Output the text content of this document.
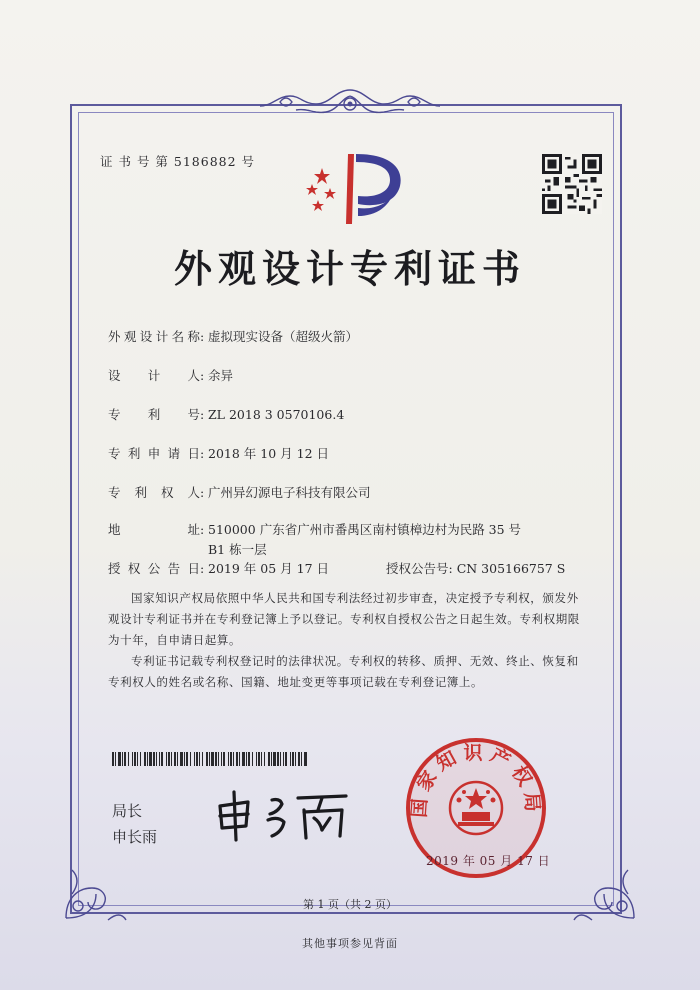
证 书 号 第 5186882 号
外观设计专利证书
外观设计名称: 虚拟现实设备（超级火箭）
设计人: 余异
专利号: ZL 2018 3 0570106.4
专利申请日: 2018 年 10 月 12 日
专利权人: 广州异幻源电子科技有限公司
地址: 510000 广东省广州市番禺区南村镇樟边村为民路 35 号 B1 栋一层
授权公告日: 2019 年 05 月 17 日	授权公告号: CN 305166757 S
国家知识产权局依照中华人民共和国专利法经过初步审查，决定授予专利权，颁发外观设计专利证书并在专利登记簿上予以登记。专利权自授权公告之日起生效。专利权期限为十年，自申请日起算。
专利证书记载专利权登记时的法律状况。专利权的转移、质押、无效、终止、恢复和专利权人的姓名或名称、国籍、地址变更等事项记载在专利登记簿上。
局长
申长雨
国家知识产权局
2019 年 05 月 17 日
第 1 页（共 2 页）
其他事项参见背面
